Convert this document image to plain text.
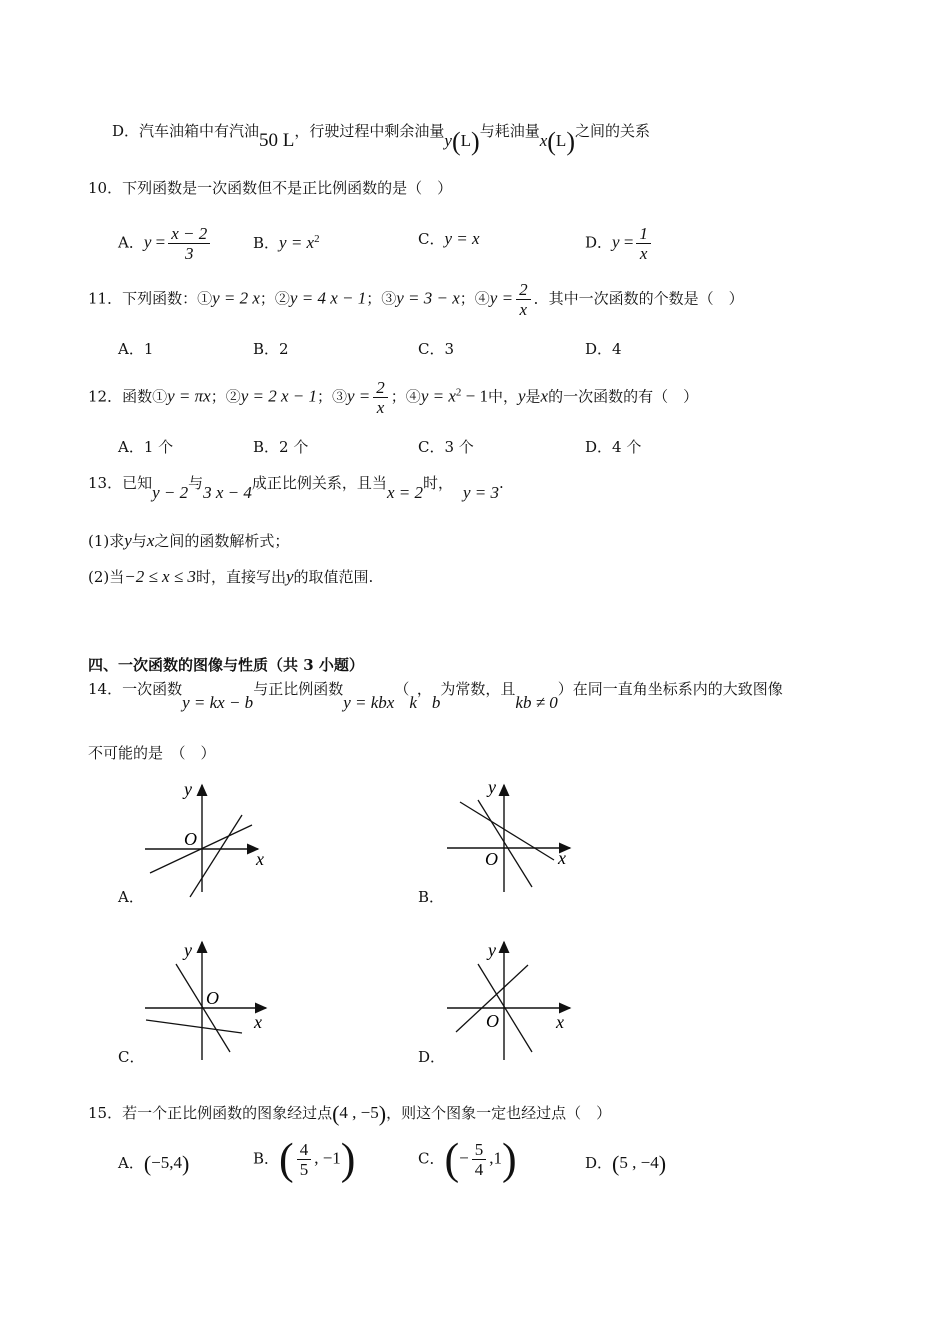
D．汽车油箱中有汽油50 L，行驶过程中剩余油量y(L)与耗油量x(L)之间的关系
10．下列函数是一次函数但不是正比例函数的是（　）
A．$y = \frac{x - 2}{3}$	B．$y = x^2$	C．y = x	D．$y = \frac{1}{x}$
11．下列函数：①y = 2 x；②y = 4 x − 1；③y = 3 − x；④y = $\frac{2}{x}$ ．其中一次函数的个数是（　）
A．1	B．2	C．3	D．4
12．函数①y = πx；②y = 2 x − 1；③y = $\frac{2}{x}$ ；④y = $x^2 - 1$中，y是x的一次函数的有（　）
A．1 个	B．2 个	C．3 个	D．4 个
13．已知y − 2与3 x − 4成正比例关系，且当x = 2时， y = 3.
(1)求y与x之间的函数解析式；
(2)当−2 ≤ x ≤ 3时，直接写出y的取值范围.
四、一次函数的图像与性质（共 3 小题）
14．一次函数y = kx − b与正比例函数y = kbx（k，b为常数，且kb ≠ 0）在同一直角坐标系内的大致图像
不可能的是　（　）
y
x
O
A．
y
x
O
B．
y
x
O
C．
y
x
O
D．
15．若一个正比例函数的图象经过点(4 , −5)，则这个图象一定也经过点（　）
A．(−5,4)	B．( $\frac{4}{5}$ , −1)	C．(− $\frac{5}{4} ,1$)	D．(5 , −4)
